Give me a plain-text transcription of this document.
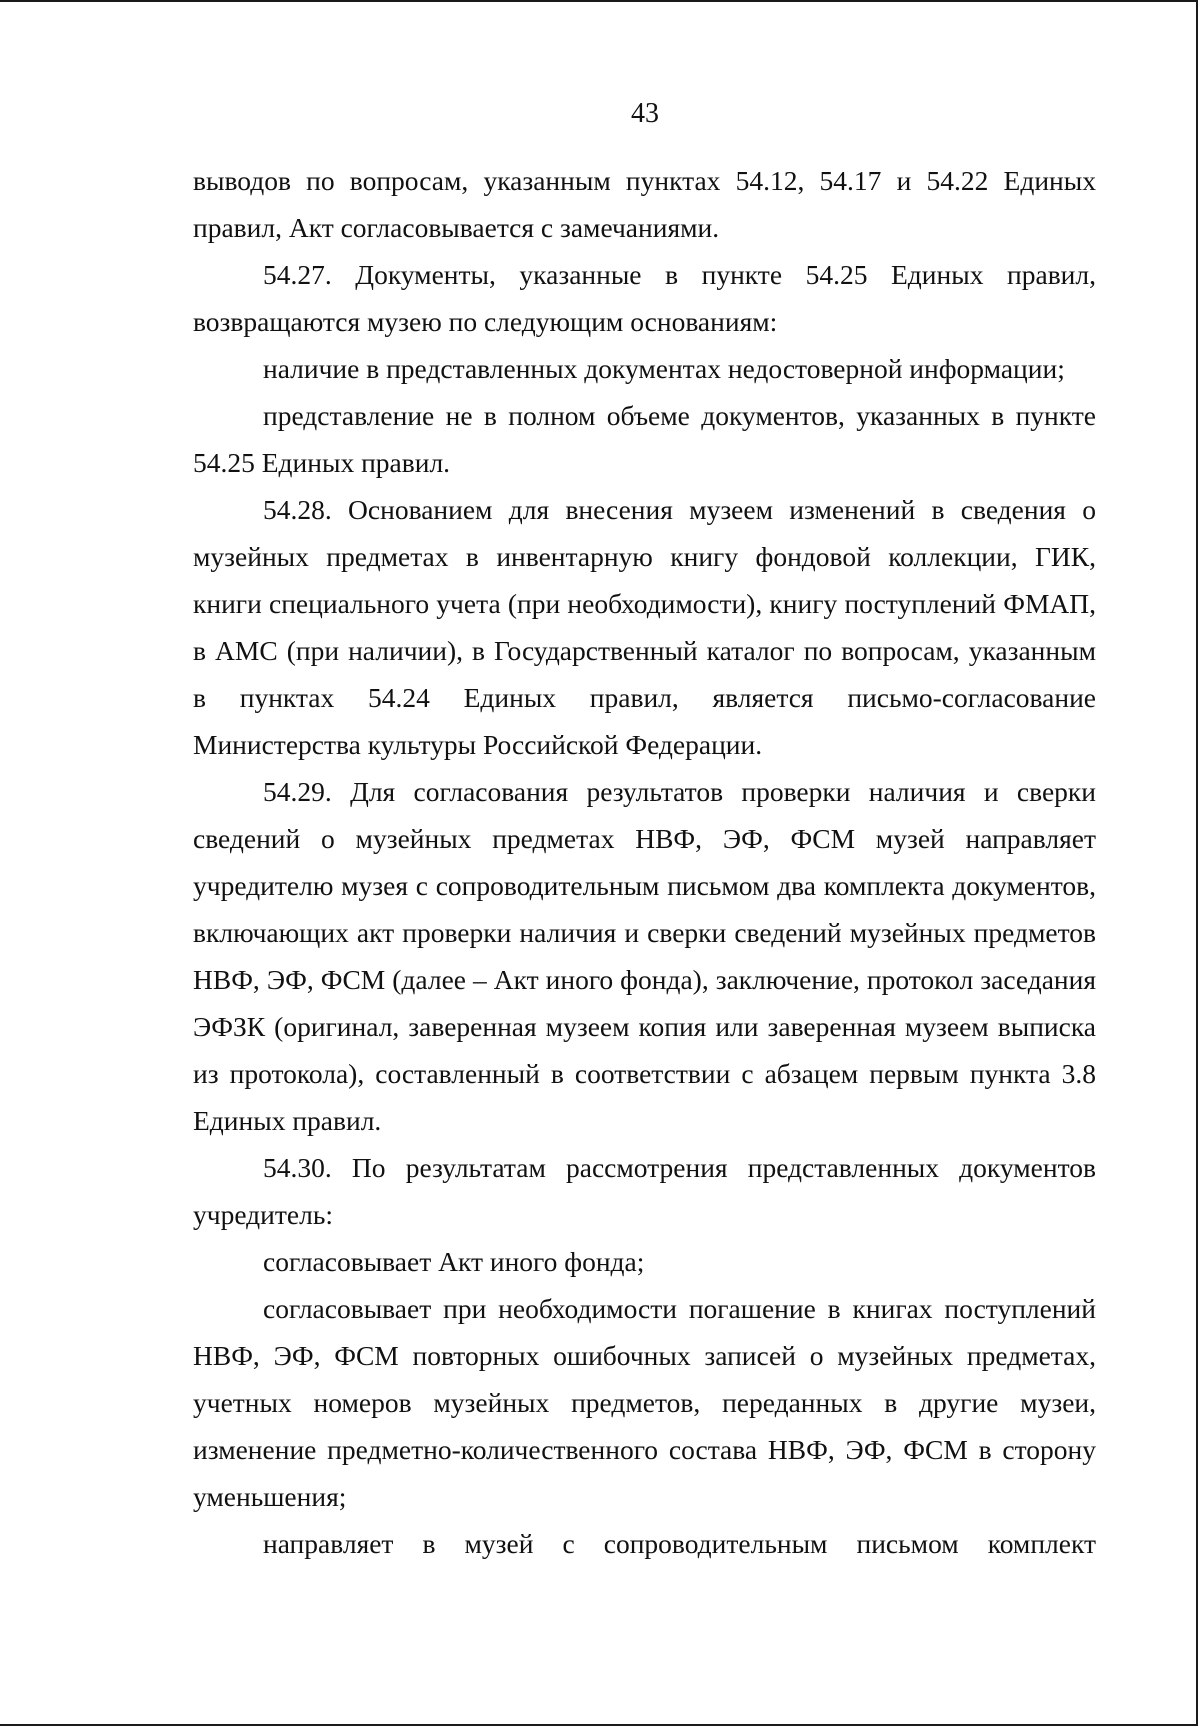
43

выводов по вопросам, указанным пунктах 54.12, 54.17 и 54.22 Единых правил, Акт согласовывается с замечаниями.

54.27. Документы, указанные в пункте 54.25 Единых правил, возвращаются музею по следующим основаниям:

наличие в представленных документах недостоверной информации;

представление не в полном объеме документов, указанных в пункте 54.25 Единых правил.

54.28. Основанием для внесения музеем изменений в сведения о музейных предметах в инвентарную книгу фондовой коллекции, ГИК, книги специального учета (при необходимости), книгу поступлений ФМАП, в АМС (при наличии), в Государственный каталог по вопросам, указанным в пунктах 54.24 Единых правил, является письмо-согласование Министерства культуры Российской Федерации.

54.29. Для согласования результатов проверки наличия и сверки сведений о музейных предметах НВФ, ЭФ, ФСМ музей направляет учредителю музея с сопроводительным письмом два комплекта документов, включающих акт проверки наличия и сверки сведений музейных предметов НВФ, ЭФ, ФСМ (далее – Акт иного фонда), заключение, протокол заседания ЭФЗК (оригинал, заверенная музеем копия или заверенная музеем выписка из протокола), составленный в соответствии с абзацем первым пункта 3.8 Единых правил.

54.30. По результатам рассмотрения представленных документов учредитель:

согласовывает Акт иного фонда;

согласовывает при необходимости погашение в книгах поступлений НВФ, ЭФ, ФСМ повторных ошибочных записей о музейных предметах, учетных номеров музейных предметов, переданных в другие музеи, изменение предметно-количественного состава НВФ, ЭФ, ФСМ в сторону уменьшения;

направляет в музей с сопроводительным письмом комплект
